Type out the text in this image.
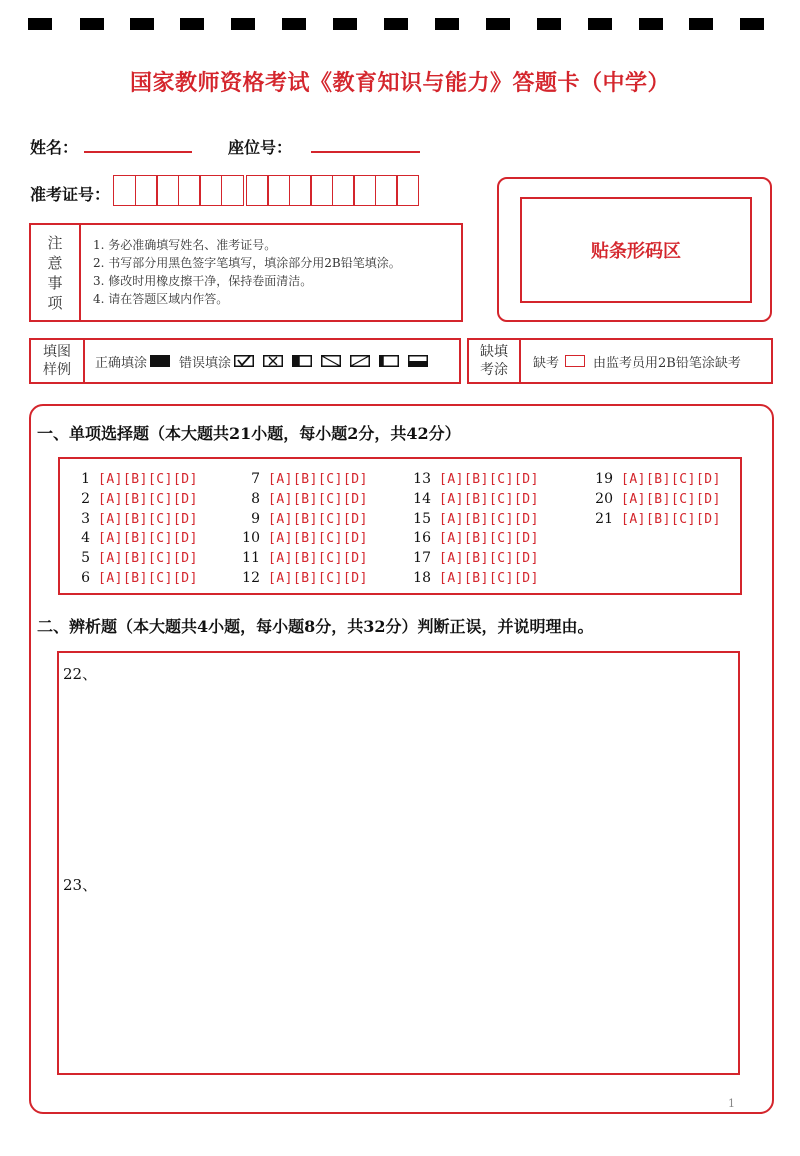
国家教师资格考试《教育知识与能力》答题卡（中学）
姓名：	座位号：
准考证号：
注
意
事
项
1. 务必准确填写姓名、准考证号。
2. 书写部分用黑色签字笔填写，填涂部分用2B铅笔填涂。
3. 修改时用橡皮擦干净，保持卷面清洁。
4. 请在答题区域内作答。
贴条形码区
填图
样例 正确填涂 错误填涂
缺填
考涂 缺考	由监考员用2B铅笔涂缺考
一、单项选择题（本大题共21小题，每小题2分，共42分）
1 [A][B][C][D]
2 [A][B][C][D]
3 [A][B][C][D]
4 [A][B][C][D]
5 [A][B][C][D]
6 [A][B][C][D]
7 [A][B][C][D]
8 [A][B][C][D]
9 [A][B][C][D]
10 [A][B][C][D]
11 [A][B][C][D]
12 [A][B][C][D]
13 [A][B][C][D]
14 [A][B][C][D]
15 [A][B][C][D]
16 [A][B][C][D]
17 [A][B][C][D]
18 [A][B][C][D]
19 [A][B][C][D]
20 [A][B][C][D]
21 [A][B][C][D]
二、辨析题（本大题共4小题，每小题8分，共32分）判断正误，并说明理由。
22、
23、
1
